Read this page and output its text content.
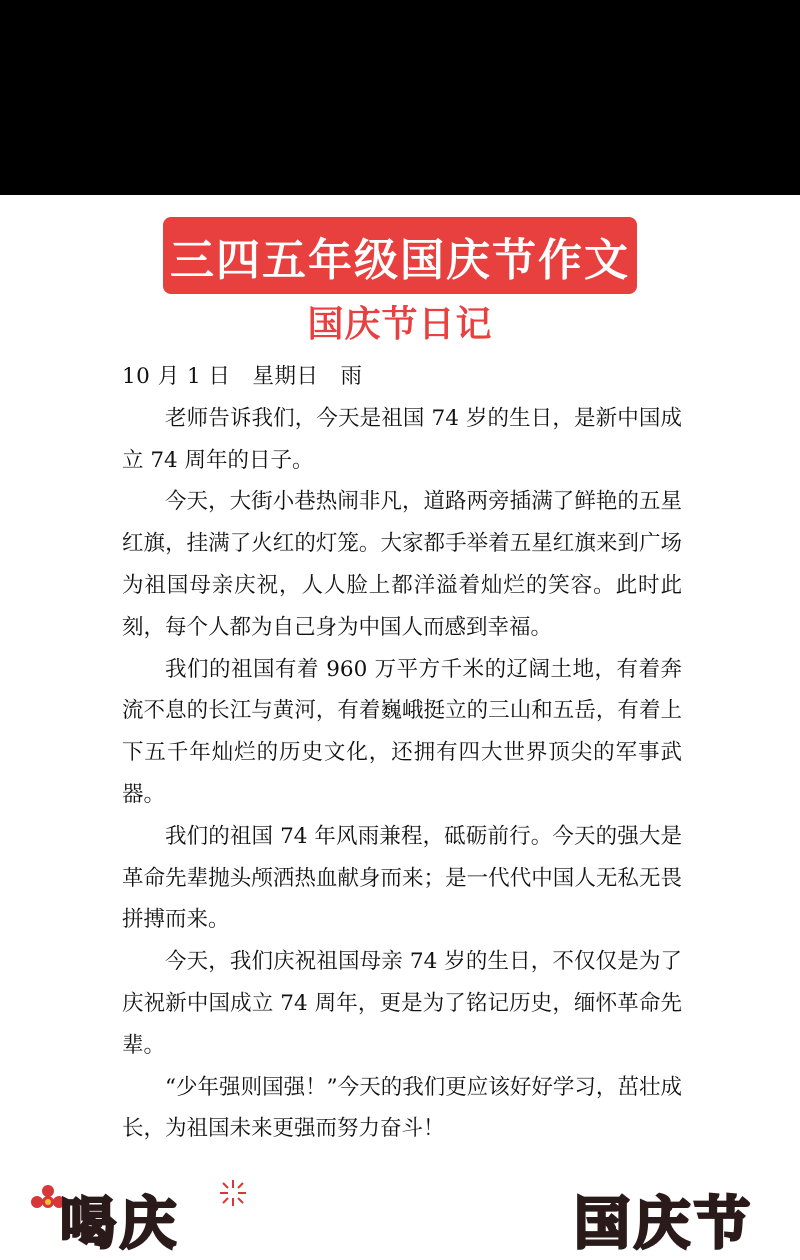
三四五年级国庆节作文
国庆节日记

10 月 1 日　星期日　雨

老师告诉我们，今天是祖国 74 岁的生日，是新中国成立 74 周年的日子。

今天，大街小巷热闹非凡，道路两旁插满了鲜艳的五星红旗，挂满了火红的灯笼。大家都手举着五星红旗来到广场为祖国母亲庆祝，人人脸上都洋溢着灿烂的笑容。此时此刻，每个人都为自己身为中国人而感到幸福。

我们的祖国有着 960 万平方千米的辽阔土地，有着奔流不息的长江与黄河，有着巍峨挺立的三山和五岳，有着上下五千年灿烂的历史文化，还拥有四大世界顶尖的军事武器。

我们的祖国 74 年风雨兼程，砥砺前行。今天的强大是革命先辈抛头颅洒热血献身而来；是一代代中国人无私无畏拼搏而来。

今天，我们庆祝祖国母亲 74 岁的生日，不仅仅是为了庆祝新中国成立 74 周年，更是为了铭记历史，缅怀革命先辈。

“少年强则国强！”今天的我们更应该好好学习，茁壮成长，为祖国未来更强而努力奋斗！

喝庆	国庆节
